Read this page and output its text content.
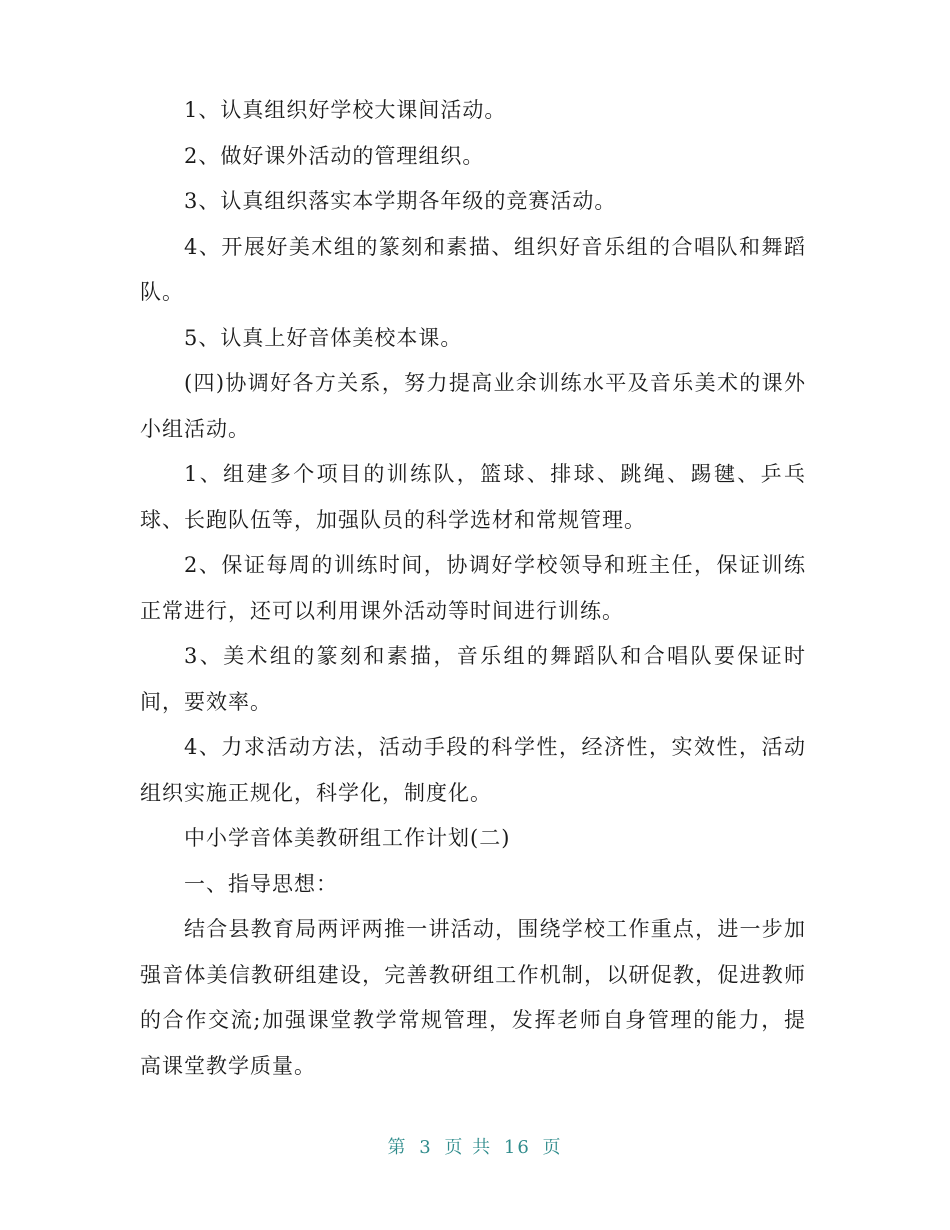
1、认真组织好学校大课间活动。

2、做好课外活动的管理组织。

3、认真组织落实本学期各年级的竞赛活动。

4、开展好美术组的篆刻和素描、组织好音乐组的合唱队和舞蹈队。

5、认真上好音体美校本课。

(四)协调好各方关系，努力提高业余训练水平及音乐美术的课外小组活动。

1、组建多个项目的训练队，篮球、排球、跳绳、踢毽、乒乓球、长跑队伍等，加强队员的科学选材和常规管理。

2、保证每周的训练时间，协调好学校领导和班主任，保证训练正常进行，还可以利用课外活动等时间进行训练。

3、美术组的篆刻和素描，音乐组的舞蹈队和合唱队要保证时间，要效率。

4、力求活动方法，活动手段的科学性，经济性，实效性，活动组织实施正规化，科学化，制度化。

中小学音体美教研组工作计划(二)

一、指导思想：

结合县教育局两评两推一讲活动，围绕学校工作重点，进一步加强音体美信教研组建设，完善教研组工作机制，以研促教，促进教师的合作交流;加强课堂教学常规管理，发挥老师自身管理的能力，提高课堂教学质量。

第 3 页 共 16 页
